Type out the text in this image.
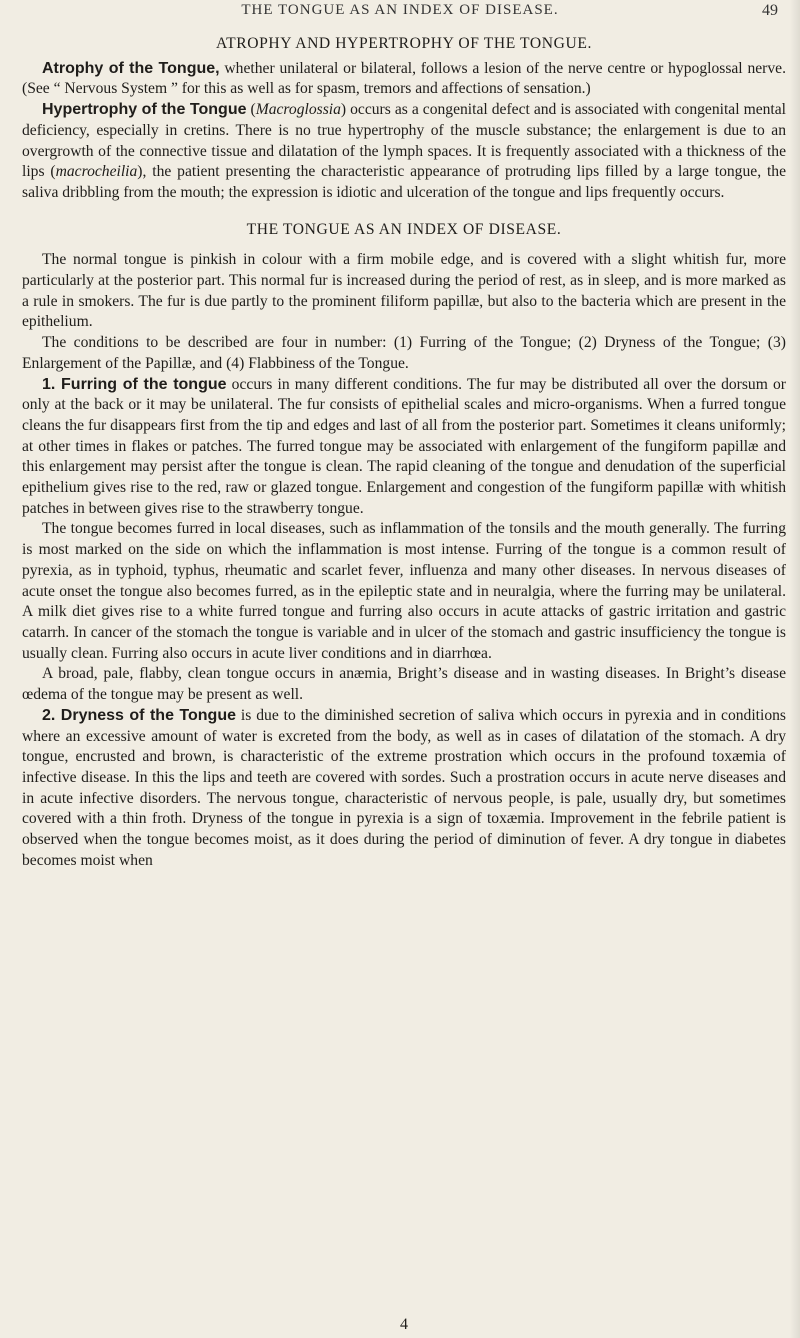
THE TONGUE AS AN INDEX OF DISEASE.	49
ATROPHY AND HYPERTROPHY OF THE TONGUE.

Atrophy of the Tongue, whether unilateral or bilateral, follows a lesion of the nerve centre or hypoglossal nerve. (See “ Nervous System ” for this as well as for spasm, tremors and affections of sensation.)

Hypertrophy of the Tongue (Macroglossia) occurs as a congenital defect and is associated with congenital mental deficiency, especially in cretins. There is no true hypertrophy of the muscle substance; the enlargement is due to an overgrowth of the connective tissue and dilatation of the lymph spaces. It is frequently associated with a thickness of the lips (macrocheilia), the patient presenting the characteristic appearance of protruding lips filled by a large tongue, the saliva dribbling from the mouth; the expression is idiotic and ulceration of the tongue and lips frequently occurs.

THE TONGUE AS AN INDEX OF DISEASE.

The normal tongue is pinkish in colour with a firm mobile edge, and is covered with a slight whitish fur, more particularly at the posterior part. This normal fur is increased during the period of rest, as in sleep, and is more marked as a rule in smokers. The fur is due partly to the prominent filiform papillæ, but also to the bacteria which are present in the epithelium.

The conditions to be described are four in number: (1) Furring of the Tongue; (2) Dryness of the Tongue; (3) Enlargement of the Papillæ, and (4) Flabbiness of the Tongue.

1. Furring of the tongue occurs in many different conditions. The fur may be distributed all over the dorsum or only at the back or it may be unilateral. The fur consists of epithelial scales and micro-organisms. When a furred tongue cleans the fur disappears first from the tip and edges and last of all from the posterior part. Sometimes it cleans uniformly; at other times in flakes or patches. The furred tongue may be associated with enlargement of the fungiform papillæ and this enlargement may persist after the tongue is clean. The rapid cleaning of the tongue and denudation of the superficial epithelium gives rise to the red, raw or glazed tongue. Enlargement and congestion of the fungiform papillæ with whitish patches in between gives rise to the strawberry tongue.

The tongue becomes furred in local diseases, such as inflammation of the tonsils and the mouth generally. The furring is most marked on the side on which the inflammation is most intense. Furring of the tongue is a common result of pyrexia, as in typhoid, typhus, rheumatic and scarlet fever, influenza and many other diseases. In nervous diseases of acute onset the tongue also becomes furred, as in the epileptic state and in neuralgia, where the furring may be unilateral. A milk diet gives rise to a white furred tongue and furring also occurs in acute attacks of gastric irritation and gastric catarrh. In cancer of the stomach the tongue is variable and in ulcer of the stomach and gastric insufficiency the tongue is usually clean. Furring also occurs in acute liver conditions and in diarrhœa.

A broad, pale, flabby, clean tongue occurs in anæmia, Bright’s disease and in wasting diseases. In Bright’s disease œdema of the tongue may be present as well.

2. Dryness of the Tongue is due to the diminished secretion of saliva which occurs in pyrexia and in conditions where an excessive amount of water is excreted from the body, as well as in cases of dilatation of the stomach. A dry tongue, encrusted and brown, is characteristic of the extreme prostration which occurs in the profound toxæmia of infective disease. In this the lips and teeth are covered with sordes. Such a prostration occurs in acute nerve diseases and in acute infective disorders. The nervous tongue, characteristic of nervous people, is pale, usually dry, but sometimes covered with a thin froth. Dryness of the tongue in pyrexia is a sign of toxæmia. Improvement in the febrile patient is observed when the tongue becomes moist, as it does during the period of diminution of fever. A dry tongue in diabetes becomes moist when

4
